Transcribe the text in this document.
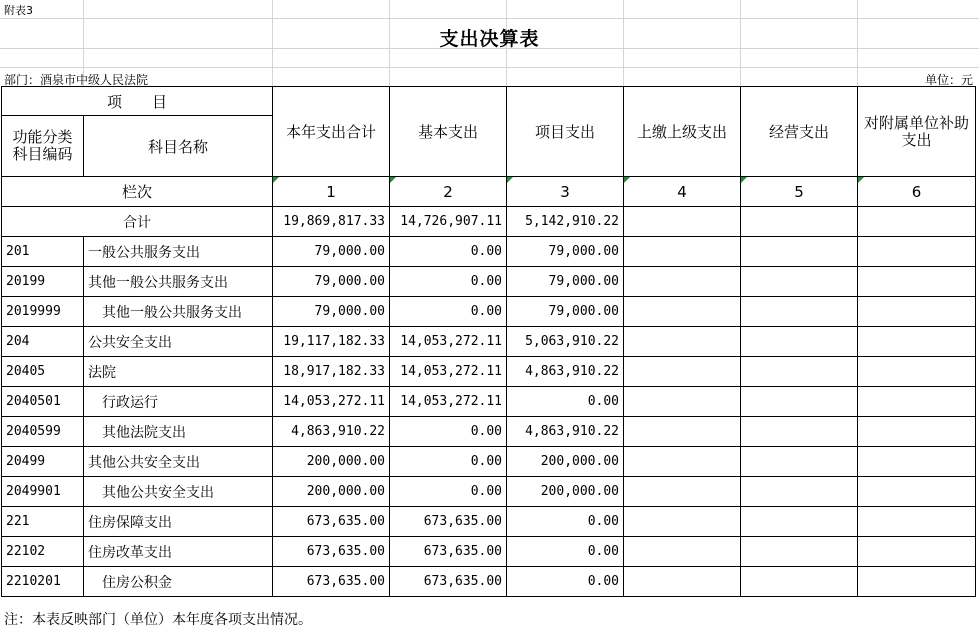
附表3
支出决算表
部门：酒泉市中级人民法院	单位：元
项　　目		本年支出合计	基本支出	项目支出	上缴上级支出	经营支出	对附属单位补助支出
功能分类科目编码	科目名称						
栏次		1	2	3	4	5	6
合计		19,869,817.33	14,726,907.11	5,142,910.22			
201	一般公共服务支出	79,000.00	0.00	79,000.00			
20199	其他一般公共服务支出	79,000.00	0.00	79,000.00			
2019999	其他一般公共服务支出	79,000.00	0.00	79,000.00			
204	公共安全支出	19,117,182.33	14,053,272.11	5,063,910.22			
20405	法院	18,917,182.33	14,053,272.11	4,863,910.22			
2040501	行政运行	14,053,272.11	14,053,272.11	0.00			
2040599	其他法院支出	4,863,910.22	0.00	4,863,910.22			
20499	其他公共安全支出	200,000.00	0.00	200,000.00			
2049901	其他公共安全支出	200,000.00	0.00	200,000.00			
221	住房保障支出	673,635.00	673,635.00	0.00			
22102	住房改革支出	673,635.00	673,635.00	0.00			
2210201	住房公积金	673,635.00	673,635.00	0.00			
注：本表反映部门（单位）本年度各项支出情况。
